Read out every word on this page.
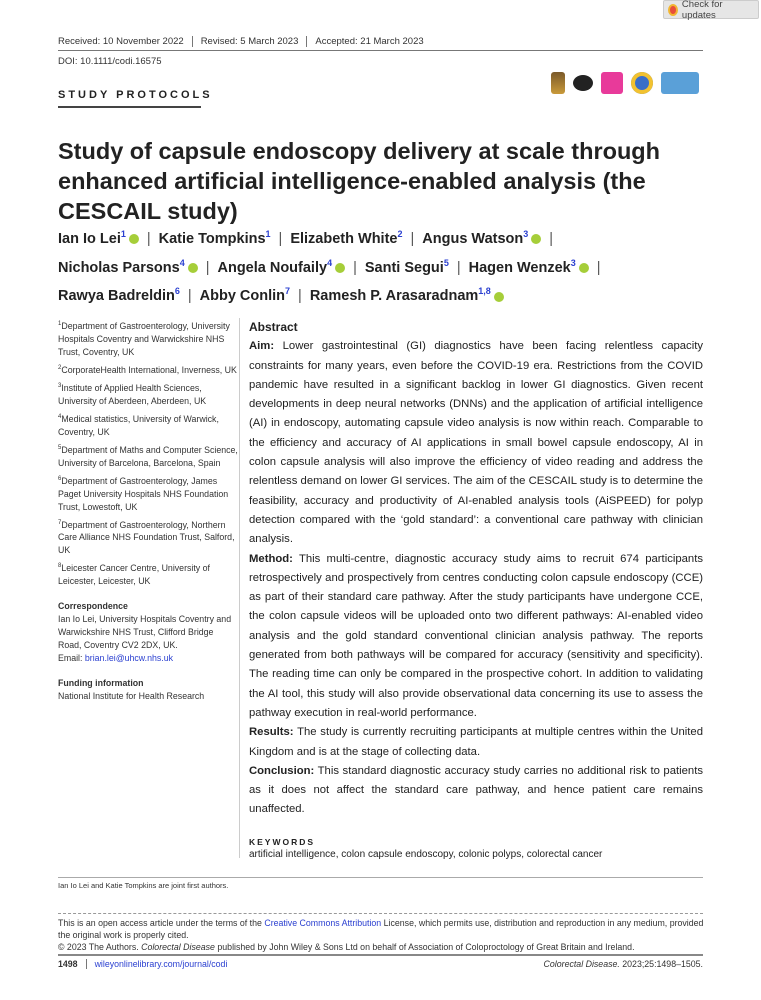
Check for updates
Received: 10 November 2022	Revised: 5 March 2023	Accepted: 21 March 2023
DOI: 10.1111/codi.16575
STUDY PROTOCOLS
Study of capsule endoscopy delivery at scale through enhanced artificial intelligence-enabled analysis (the CESCAIL study)
Ian Io Lei$^1$ | Katie Tompkins$^1$ | Elizabeth White$^2$ | Angus Watson$^3$ |
Nicholas Parsons$^4$ | Angela Noufaily$^4$ | Santi Segui$^5$ | Hagen Wenzek$^3$ |
Rawya Badreldin$^6$ | Abby Conlin$^7$ | Ramesh P. Arasaradnam$^{1,8}$

$^1$Department of Gastroenterology, University Hospitals Coventry and Warwickshire NHS Trust, Coventry, UK

$^2$CorporateHealth International, Inverness, UK

$^3$Institute of Applied Health Sciences, University of Aberdeen, Aberdeen, UK

$^4$Medical statistics, University of Warwick, Coventry, UK

$^5$Department of Maths and Computer Science, University of Barcelona, Barcelona, Spain

$^6$Department of Gastroenterology, James Paget University Hospitals NHS Foundation Trust, Lowestoft, UK

$^7$Department of Gastroenterology, Northern Care Alliance NHS Foundation Trust, Salford, UK

$^8$Leicester Cancer Centre, University of Leicester, Leicester, UK

Correspondence

Ian Io Lei, University Hospitals Coventry and Warwickshire NHS Trust, Clifford Bridge Road, Coventry CV2 2DX, UK.
Email: brian.lei@uhcw.nhs.uk

Funding information

National Institute for Health Research

Abstract

Aim: Lower gastrointestinal (GI) diagnostics have been facing relentless capacity constraints for many years, even before the COVID-19 era. Restrictions from the COVID pandemic have resulted in a significant backlog in lower GI diagnostics. Given recent developments in deep neural networks (DNNs) and the application of artificial intelligence (AI) in endoscopy, automating capsule video analysis is now within reach. Comparable to the efficiency and accuracy of AI applications in small bowel capsule endoscopy, AI in colon capsule analysis will also improve the efficiency of video reading and address the relentless demand on lower GI services. The aim of the CESCAIL study is to determine the feasibility, accuracy and productivity of AI-enabled analysis tools (AiSPEED) for polyp detection compared with the ‘gold standard’: a conventional care pathway with clinician analysis.

Method: This multi-centre, diagnostic accuracy study aims to recruit 674 participants retrospectively and prospectively from centres conducting colon capsule endoscopy (CCE) as part of their standard care pathway. After the study participants have undergone CCE, the colon capsule videos will be uploaded onto two different pathways: AI-enabled video analysis and the gold standard conventional clinician analysis pathway. The reports generated from both pathways will be compared for accuracy (sensitivity and specificity). The reading time can only be compared in the prospective cohort. In addition to validating the AI tool, this study will also provide observational data concerning its use to assess the pathway execution in real-world performance.

Results: The study is currently recruiting participants at multiple centres within the United Kingdom and is at the stage of collecting data.

Conclusion: This standard diagnostic accuracy study carries no additional risk to patients as it does not affect the standard care pathway, and hence patient care remains unaffected.

KEYWORDS
artificial intelligence, colon capsule endoscopy, colonic polyps, colorectal cancer
Ian Io Lei and Katie Tompkins are joint first authors.
This is an open access article under the terms of the Creative Commons Attribution License, which permits use, distribution and reproduction in any medium, provided the original work is properly cited.
© 2023 The Authors. Colorectal Disease published by John Wiley & Sons Ltd on behalf of Association of Coloproctology of Great Britain and Ireland.
1498 wileyonlinelibrary.com/journal/codi	Colorectal Disease. 2023;25:1498–1505.
